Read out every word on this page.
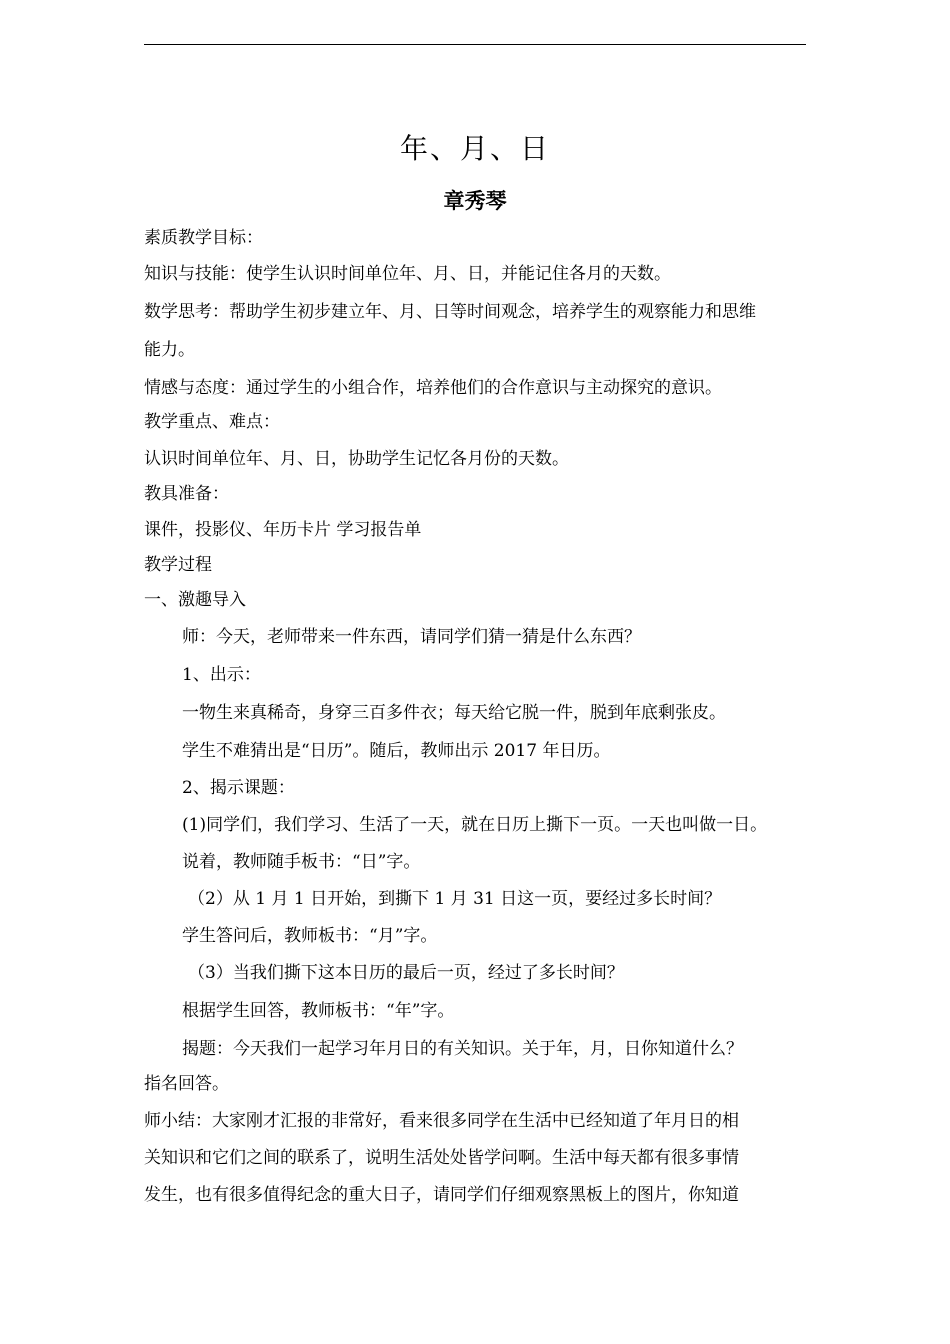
年、月、日
章秀琴
素质教学目标：
知识与技能：使学生认识时间单位年、月、日，并能记住各月的天数。
数学思考：帮助学生初步建立年、月、日等时间观念，培养学生的观察能力和思维
能力。
情感与态度：通过学生的小组合作，培养他们的合作意识与主动探究的意识。
教学重点、难点：
认识时间单位年、月、日，协助学生记忆各月份的天数。
教具准备：
课件，投影仪、年历卡片 学习报告单
教学过程
一、激趣导入
师：今天，老师带来一件东西，请同学们猜一猜是什么东西？
1、出示：
一物生来真稀奇，身穿三百多件衣；每天给它脱一件，脱到年底剩张皮。
学生不难猜出是“日历”。随后，教师出示 2017 年日历。
2、揭示课题：
(1)同学们，我们学习、生活了一天，就在日历上撕下一页。一天也叫做一日。
说着，教师随手板书：“日”字。
（2）从 1 月 1 日开始，到撕下 1 月 31 日这一页，要经过多长时间？
学生答问后，教师板书：“月”字。
（3）当我们撕下这本日历的最后一页，经过了多长时间？
根据学生回答，教师板书：“年”字。
揭题：今天我们一起学习年月日的有关知识。关于年，月，日你知道什么？
指名回答。
师小结：大家刚才汇报的非常好，看来很多同学在生活中已经知道了年月日的相
关知识和它们之间的联系了，说明生活处处皆学问啊。生活中每天都有很多事情
发生，也有很多值得纪念的重大日子，请同学们仔细观察黑板上的图片，你知道
